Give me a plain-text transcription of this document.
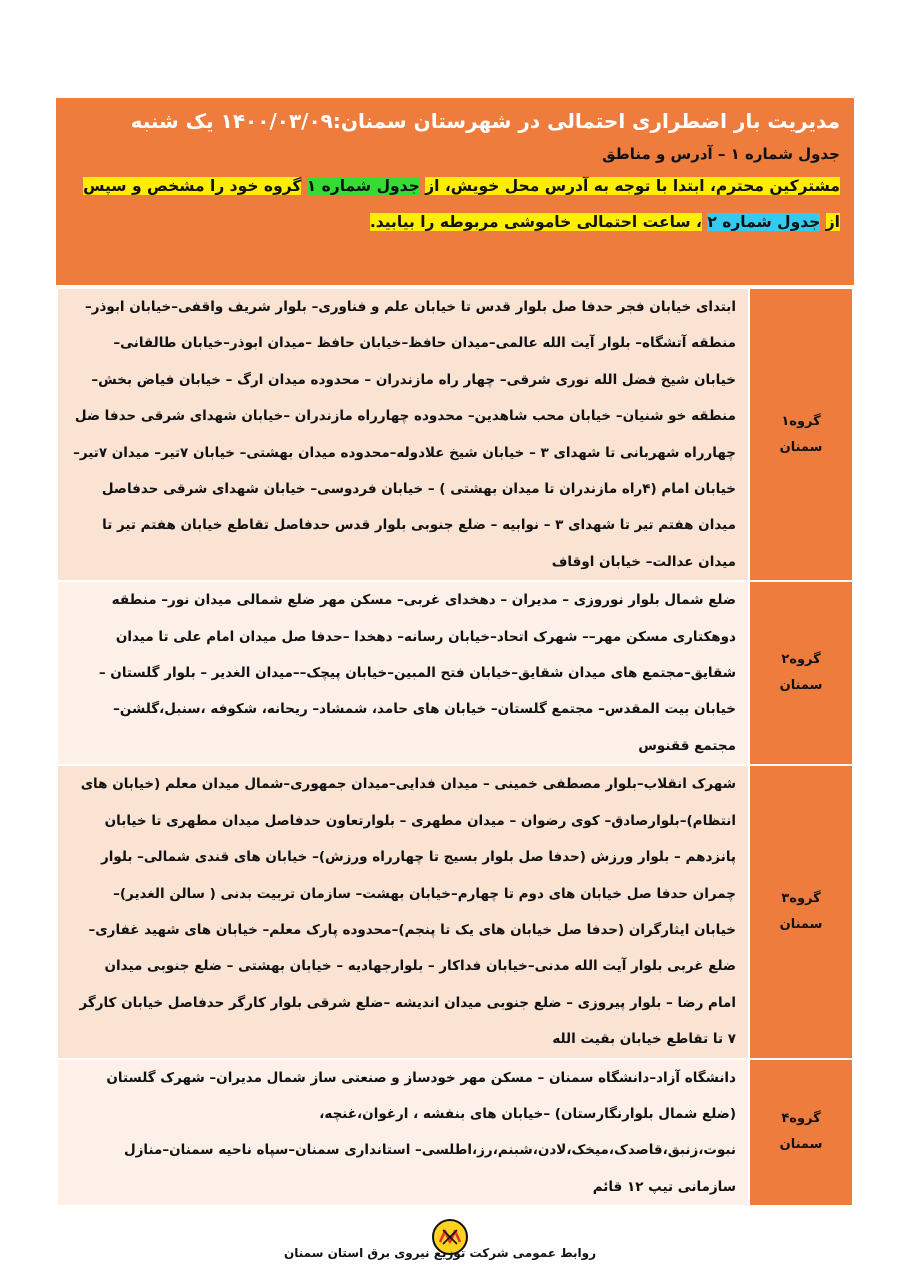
مدیریت بار اضطراری احتمالی در شهرستان سمنان:۱۴۰۰/۰۳/۰۹ یک شنبه
جدول شماره ۱ – آدرس و مناطق
مشترکین محترم، ابتدا با توجه به آدرس محل خویش، از جدول شماره ۱ گروه خود را مشخص و سپس از جدول شماره ۲ ، ساعت احتمالی خاموشی مربوطه را بیابید.
گروه۱
سمنان	ابتدای خیابان فجر حدفا صل بلوار قدس تا خیابان علم و فناوری– بلوار شریف واقفی–خیابان ابوذر–منطقه آتشگاه– بلوار آیت الله عالمی–میدان حافظ–خیابان حافظ –میدان ابوذر–خیابان طالقانی–خیابان شیخ فضل الله نوری شرقی– چهار راه مازندران – محدوده میدان ارگ – خیابان فیاض بخش– منطقه خو شنیان– خیابان محب شاهدین– محدوده چهارراه مازندران –خیابان شهدای شرقی حدفا ضل چهارراه شهربانی تا شهدای ۳ – خیابان شیخ علادوله–محدوده میدان بهشتی– خیابان ۷تیر– میدان ۷تیر– خیابان امام (۴راه مازندران تا میدان بهشتی ) – خیابان فردوسی– خیابان شهدای شرقی حدفاصل میدان هفتم تیر تا شهدای ۳ – نوابیه – ضلع جنوبی بلوار قدس حدفاصل تقاطع خیابان هفتم تیر تا میدان عدالت– خیابان اوقاف

گروه۲
سمنان	ضلع شمال بلوار نوروزی – مدیران – دهخدای غربی– مسکن مهر ضلع شمالی میدان نور– منطقه دوهکتاری مسکن مهر–– شهرک اتحاد–خیابان رسانه– دهخدا –حدفا صل میدان امام علی تا میدان شقایق–مجتمع های میدان شقایق–خیابان فتح المبین–خیابان پیچک––میدان الغدیر – بلوار گلستان – خیابان بیت المقدس– مجتمع گلستان– خیابان های حامد، شمشاد– ریحانه، شکوفه ،سنبل،گلشن–مجتمع ققنوس

گروه۳
سمنان	شهرک انقلاب–بلوار مصطفی خمینی – میدان فدایی–میدان جمهوری–شمال میدان معلم (خیابان های انتظام)–بلوارصادق– کوی رضوان – میدان مطهری – بلوارتعاون حدفاصل میدان مطهری تا خیابان پانزدهم – بلوار ورزش (حدفا صل بلوار بسیج تا چهارراه ورزش)– خیابان های قندی شمالی– بلوار چمران حدفا صل خیابان های دوم تا چهارم–خیابان بهشت– سازمان تربیت بدنی ( سالن الغدیر)–خیابان ایثارگران (حدفا صل خیابان های یک تا پنجم)–محدوده پارک معلم– خیابان های شهید غفاری– ضلع غربی بلوار آیت الله مدنی–خیابان فداکار – بلوارجهادیه – خیابان بهشتی – ضلع جنوبی میدان امام رضا – بلوار پیروزی – ضلع جنوبی میدان اندیشه –ضلع شرقی بلوار کارگر حدفاصل خیابان کارگر ۷ تا تقاطع خیابان بقیت الله

گروه۴
سمنان	دانشگاه آزاد–دانشگاه سمنان – مسکن مهر خودساز و صنعتی ساز شمال مدیران– شهرک گلستان (ضلع شمال بلوارنگارستان) –خیابان های بنفشه ، ارغوان،غنچه، نبوت،زنبق،قاصدک،میخک،لادن،شبنم،رز،اطلسی– استانداری سمنان–سپاه ناحیه سمنان–منازل سازمانی تیپ ۱۲ قائم
روابط عمومی شرکت توزیع نیروی برق استان سمنان
